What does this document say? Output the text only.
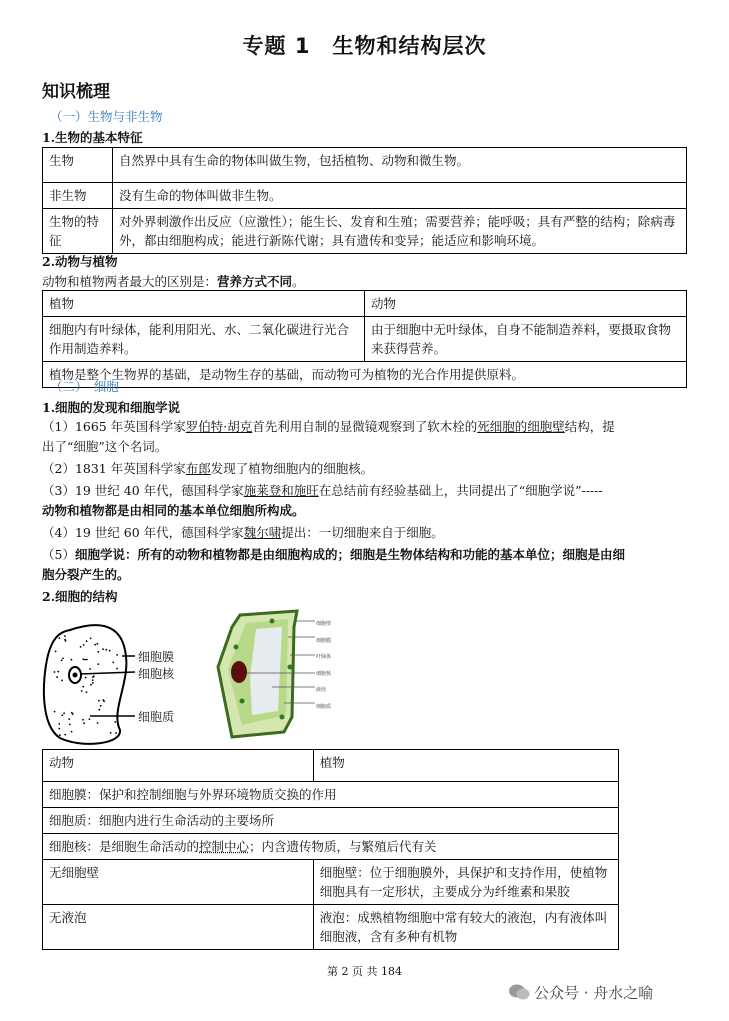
专题 1　生物和结构层次
知识梳理
（一）生物与非生物
1.生物的基本特征
生物	自然界中具有生命的物体叫做生物，包括植物、动物和微生物。
非生物	没有生命的物体叫做非生物。
生物的特征	对外界刺激作出反应（应激性）；能生长、发育和生殖；需要营养；能呼吸；具有严整的结构；除病毒外，都由细胞构成；能进行新陈代谢；具有遗传和变异；能适应和影响环境。
2.动物与植物
动物和植物两者最大的区别是：营养方式不同。
植物	动物
细胞内有叶绿体，能利用阳光、水、二氧化碳进行光合作用制造养料。	由于细胞中无叶绿体，自身不能制造养料，要摄取食物来获得营养。
植物是整个生物界的基础，是动物生存的基础，而动物可为植物的光合作用提供原料。	
（二）　细胞
1.细胞的发现和细胞学说
（1）1665 年英国科学家罗伯特·胡克首先利用自制的显微镜观察到了软木栓的死细胞的细胞壁结构，提
出了“细胞”这个名词。
（2）1831 年英国科学家布郎发现了植物细胞内的细胞核。
（3）19 世纪 40 年代，德国科学家施莱登和施旺在总结前有经验基础上，共同提出了“细胞学说”-----
动物和植物都是由相同的基本单位细胞所构成。
（4）19 世纪 60 年代，德国科学家魏尔啸提出：一切细胞来自于细胞。
（5）细胞学说：所有的动物和植物都是由细胞构成的；细胞是生物体结构和功能的基本单位；细胞是由细
胞分裂产生的。
2.细胞的结构
细胞膜
细胞核
细胞质
细胞壁
细胞膜
叶绿体
细胞核
液泡
细胞质
动物	植物
细胞膜：保护和控制细胞与外界环境物质交换的作用	
细胞质：细胞内进行生命活动的主要场所	
细胞核：是细胞生命活动的控制中心；内含遗传物质，与繁殖后代有关	
无细胞壁	细胞壁：位于细胞膜外，具保护和支持作用，使植物细胞具有一定形状，主要成分为纤维素和果胶
无液泡	液泡：成熟植物细胞中常有较大的液泡，内有液体叫细胞液，含有多种有机物
第 2 页 共 184
公众号 · 舟水之喻
